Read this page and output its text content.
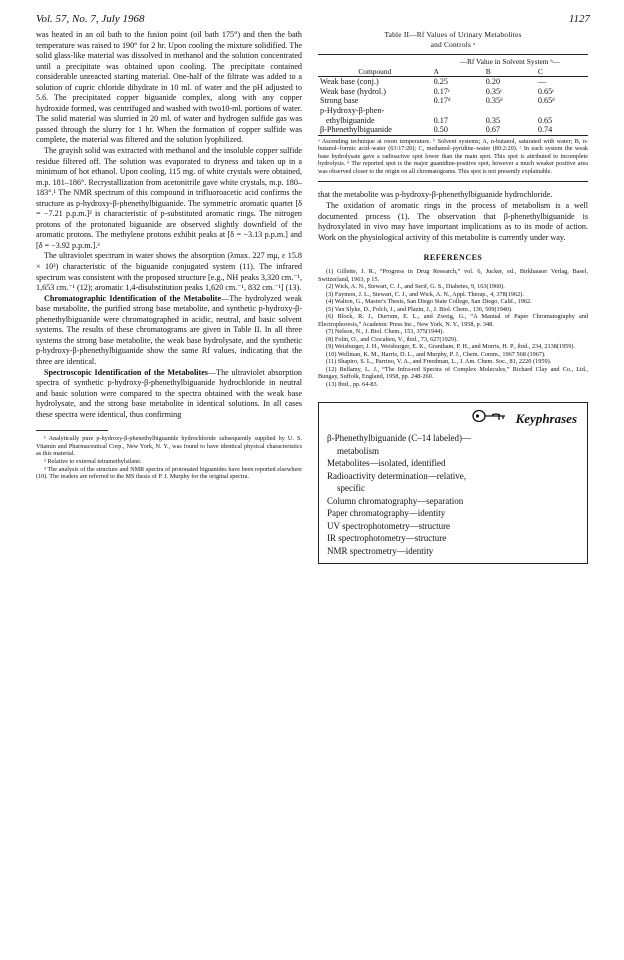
Vol. 57, No. 7, July 1968	1127

was heated in an oil bath to the fusion point (oil bath 175°) and then the bath temperature was raised to 190° for 2 hr. Upon cooling the mixture solidified. The solid glass-like material was dissolved in methanol and the solution concentrated until a precipitate was obtained upon cooling. The precipitate contained considerable unreacted starting material. One-half of the filtrate was added to a solution of cupric chloride dihydrate in 10 ml. of water and the pH adjusted to 5.6. The precipitated copper biguanide complex, along with any copper hydroxide formed, was centrifuged and washed with two10-ml. portions of water. The solid material was slurried in 20 ml. of water and hydrogen sulfide gas was passed through the slurry for 1 hr. When the formation of copper sulfide was complete, the material was filtered and the solution lyophilized.

The grayish solid was extracted with methanol and the insoluble copper sulfide residue filtered off. The solution was evaporated to dryness and taken up in a minimum of hot ethanol. Upon cooling, 115 mg. of white crystals were obtained, m.p. 181–186°. Recrystallization from acetonitrile gave white crystals, m.p. 180–183°.¹ The NMR spectrum of this compound in trifluoroacetic acid confirms the structure as p-hydroxy-β-phenethylbiguanide. The symmetric aromatic quartet [δ = −7.21 p.p.m.]² is characteristic of p-substituted aromatic rings. The nitrogen protons of the protonated biguanide are observed slightly downfield of the aromatic protons. The methylene protons exhibit peaks at [δ = −3.13 p.p.m.] and [δ = −3.92 p.p.m.].³

The ultraviolet spectrum in water shows the absorption (λmax. 227 mμ, ε 15.8 × 10³) characteristic of the biguanide conjugated system (11). The infrared spectrum was consistent with the proposed structure [e.g., NH peaks 3,320 cm.⁻¹, 1,653 cm.⁻¹ (12); aromatic 1,4-disubstitution peaks 1,620 cm.⁻¹, 832 cm.⁻¹] (13).

Chromatographic Identification of the Metabolite—The hydrolyzed weak base metabolite, the purified strong base metabolite, and synthetic p-hydroxy-β-phenethylbiguanide were chromatographed in acidic, neutral, and basic solvent systems. The results of these chromatograms are given in Table II. In all three systems the strong base metabolite, the weak base hydrolysate, and the synthetic p-hydroxy-β-phenethylbiguanide show the same Rf values, indicating that the three are identical.

Spectroscopic Identification of the Metabolites—The ultraviolet absorption spectra of synthetic p-hydroxy-β-phenethylbiguanide hydrochloride in neutral and basic solution were compared to the spectra obtained with the weak base hydrolysate, and the strong base metabolite in identical solutions. In all cases these spectra were identical, thus confirming

¹ Analytically pure p-hydroxy-β-phenethylbiguanide hydrochloride subsequently supplied by U. S. Vitamin and Pharmaceutical Corp., New York, N. Y., was found to have identical physical characteristics as this material.

² Relative to external tetramethylsilane.

³ The analysis of the structure and NMR spectra of protonated biguanides have been reported elsewhere (10). The readers are referred to the MS thesis of P. J. Murphy for the original spectra.

Table II—Rf Values of Urinary Metabolites
and Controls ᵃ
	—Rf Value in Solvent System ᵇ—		
Compound	A	B	C
Weak base (conj.)	0.25	0.20	—
Weak base (hydrol.)	0.17ᶜ	0.35ᶜ	0.65ᶜ
Strong base	0.17ᵈ	0.35ᵈ	0.65ᵈ

p-Hydroxy-β-phen-
ethylbiguanide	0.17	0.35	0.65
β-Phenethylbiguanide	0.50	0.67	0.74

ᵃ Ascending technique at room temperature. ᵇ Solvent systems; A, n-butanol, saturated with water; B, n-butanol–formic acid–water (63:17:20); C, methanol–pyridine–water (80:2:20). ᶜ In each system the weak base hydrolysate gave a radioactive spot lower than the main spot. This spot is attributed to incomplete hydrolysis. ᵈ The reported spot is the major guanidine-positive spot, however a much weaker positive area was observed closer to the origin on all chromatograms. This spot is not presently explainable.

that the metabolite was p-hydroxy-β-phenethylbiguanide hydrochloride.

The oxidation of aromatic rings in the process of metabolism is a well documented process (1). The observation that β-phenethylbiguanide is hydroxylated in vivo may have important implications as to its mode of action. Work on the physiological activity of this metabolite is currently under way.

REFERENCES

(1) Gillette, J. R., “Progress in Drug Research,” vol. 6, Jucker, ed., Birkhauser Verlag, Basel, Switzerland, 1963, p 15.

(2) Wick, A. N., Stewart, C. J., and Serif, G. S., Diabetes, 9, 163(1960).

(3) Faymon, J. L., Stewart, C. J., and Wick, A. N., Appl. Therap., 4, 378(1962).

(4) Walton, G., Master's Thesis, San Diego State College, San Diego, Calif., 1962.

(5) Van Slyke, D., Folch, J., and Plazin, J., J. Biol. Chem., 136, 509(1940).

(6) Block, R. J., Durrum, E. L., and Zweig, G., “A Manual of Paper Chromatography and Electrophoresis,” Academic Press Inc., New York, N. Y., 1958, p. 348.

(7) Nelson, N., J. Biol. Chem., 153, 375(1944).

(8) Folin, O., and Ciocalteu, V., ibid., 73, 627(1929).

(9) Weisburger, J. H., Weisburger, E. K., Grantham, P. H., and Morris, H. P., ibid., 234, 2138(1959).

(10) Wellman, K. M., Harris, D. L., and Murphy, P. J., Chem. Comm., 1967 568 (1967).

(11) Shapiro, S. L., Parrino, V. A., and Freedman, L., J. Am. Chem. Soc., 81, 2220 (1959).

(12) Bellamy, L. J., “The Infra-red Spectra of Complex Molecules,” Richard Clay and Co., Ltd., Bungay, Suffolk, England, 1958, pp. 248-260.

(13) Ibid., pp. 64-83.

Keyphrases

β-Phenethylbiguanide (C–14 labeled)—

metabolism

Metabolites—isolated, identified

Radioactivity determination—relative,

specific

Column chromatography—separation

Paper chromatography—identity

UV spectrophotometry—structure

IR spectrophotometry—structure

NMR spectrometry—identity
